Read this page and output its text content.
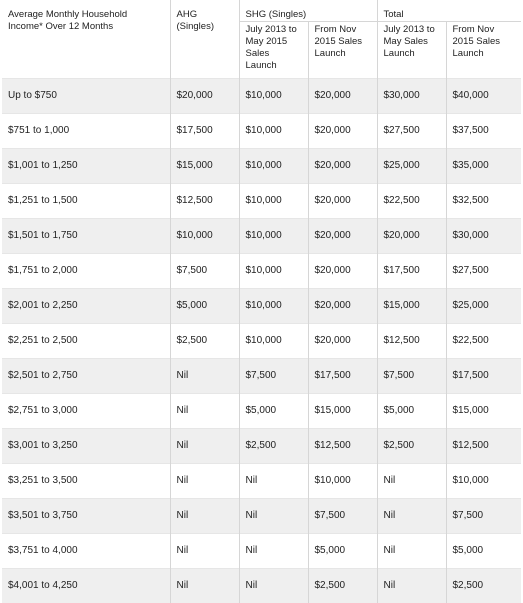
Average Monthly Household Income* Over 12 Months	AHG (Singles)	SHG (Singles)		Total	
		July 2013 to May 2015 Sales Launch	From Nov 2015 Sales Launch	July 2013 to May Sales Launch	From Nov 2015 Sales Launch
Up to $750	$20,000	$10,000	$20,000	$30,000	$40,000
$751 to 1,000	$17,500	$10,000	$20,000	$27,500	$37,500
$1,001 to 1,250	$15,000	$10,000	$20,000	$25,000	$35,000
$1,251 to 1,500	$12,500	$10,000	$20,000	$22,500	$32,500
$1,501 to 1,750	$10,000	$10,000	$20,000	$20,000	$30,000
$1,751 to 2,000	$7,500	$10,000	$20,000	$17,500	$27,500
$2,001 to 2,250	$5,000	$10,000	$20,000	$15,000	$25,000
$2,251 to 2,500	$2,500	$10,000	$20,000	$12,500	$22,500
$2,501 to 2,750	Nil	$7,500	$17,500	$7,500	$17,500
$2,751 to 3,000	Nil	$5,000	$15,000	$5,000	$15,000
$3,001 to 3,250	Nil	$2,500	$12,500	$2,500	$12,500
$3,251 to 3,500	Nil	Nil	$10,000	Nil	$10,000
$3,501 to 3,750	Nil	Nil	$7,500	Nil	$7,500
$3,751 to 4,000	Nil	Nil	$5,000	Nil	$5,000
$4,001 to 4,250	Nil	Nil	$2,500	Nil	$2,500
